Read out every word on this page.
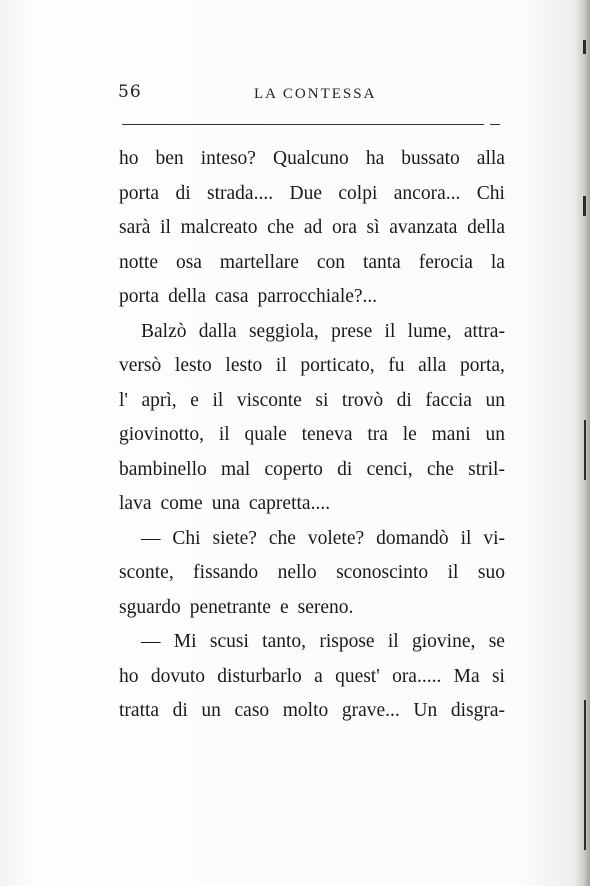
56	LA CONTESSA
ho ben inteso? Qualcuno ha bussato alla
porta di strada.... Due colpi ancora... Chi
sarà il malcreato che ad ora sì avanzata della
notte osa martellare con tanta ferocia la
porta della casa parrocchiale?...
Balzò dalla seggiola, prese il lume, attra-
versò lesto lesto il porticato, fu alla porta,
l' aprì, e il visconte si trovò di faccia un
giovinotto, il quale teneva tra le mani un
bambinello mal coperto di cenci, che stril-
lava come una capretta....
— Chi siete? che volete? domandò il vi-
sconte, fissando nello sconoscinto il suo
sguardo penetrante e sereno.
— Mi scusi tanto, rispose il giovine, se
ho dovuto disturbarlo a quest' ora..... Ma si
tratta di un caso molto grave... Un disgra-
